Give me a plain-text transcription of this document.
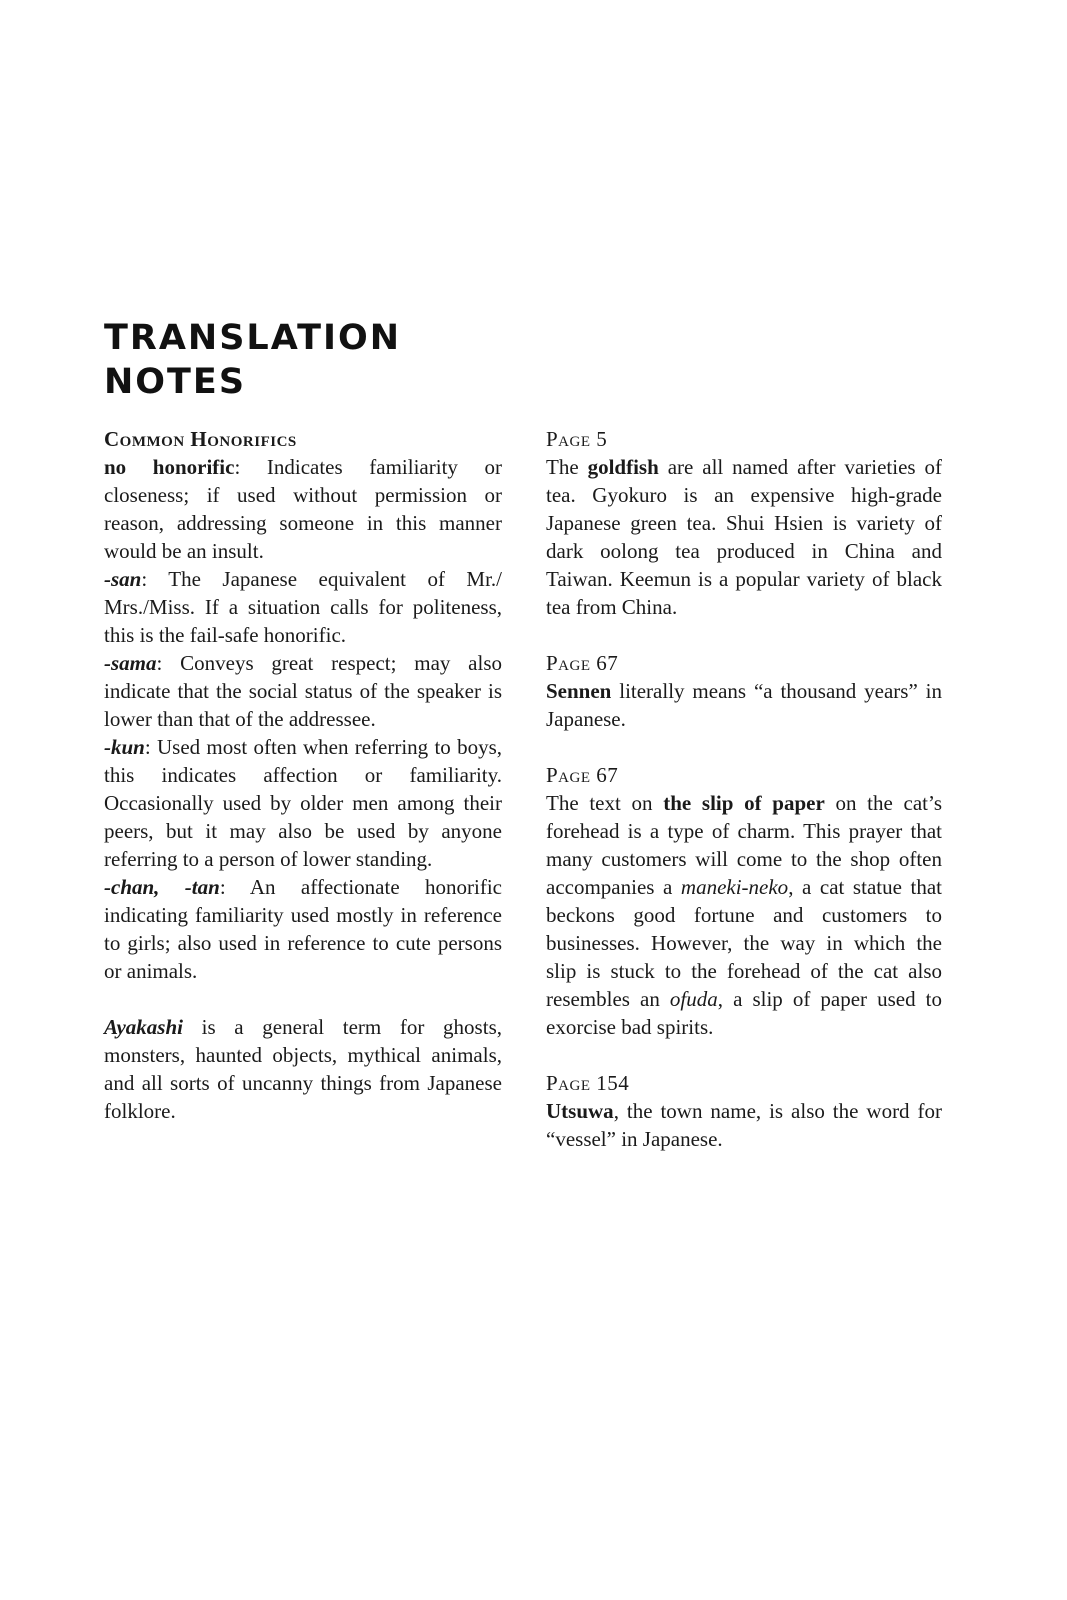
TRANSLATION
NOTES
Common Honorifics

no honorific: Indicates familiarity or closeness; if used without permission or reason, addressing someone in this manner would be an insult.

-san: The Japanese equivalent of Mr./ Mrs./Miss. If a situation calls for politeness, this is the fail-safe honorific.

-sama: Conveys great respect; may also indicate that the social status of the speaker is lower than that of the addressee.

-kun: Used most often when referring to boys, this indicates affection or familiarity. Occasionally used by older men among their peers, but it may also be used by anyone referring to a person of lower standing.

-chan, -tan: An affectionate honorific indicating familiarity used mostly in reference to girls; also used in reference to cute persons or animals.

Ayakashi is a general term for ghosts, monsters, haunted objects, mythical animals, and all sorts of uncanny things from Japanese folklore.

Page 5

The goldfish are all named after varieties of tea. Gyokuro is an expensive high-grade Japanese green tea. Shui Hsien is variety of dark oolong tea produced in China and Taiwan. Keemun is a popular variety of black tea from China.

Page 67

Sennen literally means “a thousand years” in Japanese.

Page 67

The text on the slip of paper on the cat’s forehead is a type of charm. This prayer that many customers will come to the shop often accompanies a maneki-neko, a cat statue that beckons good fortune and customers to businesses. However, the way in which the slip is stuck to the forehead of the cat also resembles an ofuda, a slip of paper used to exorcise bad spirits.

Page 154

Utsuwa, the town name, is also the word for “vessel” in Japanese.
